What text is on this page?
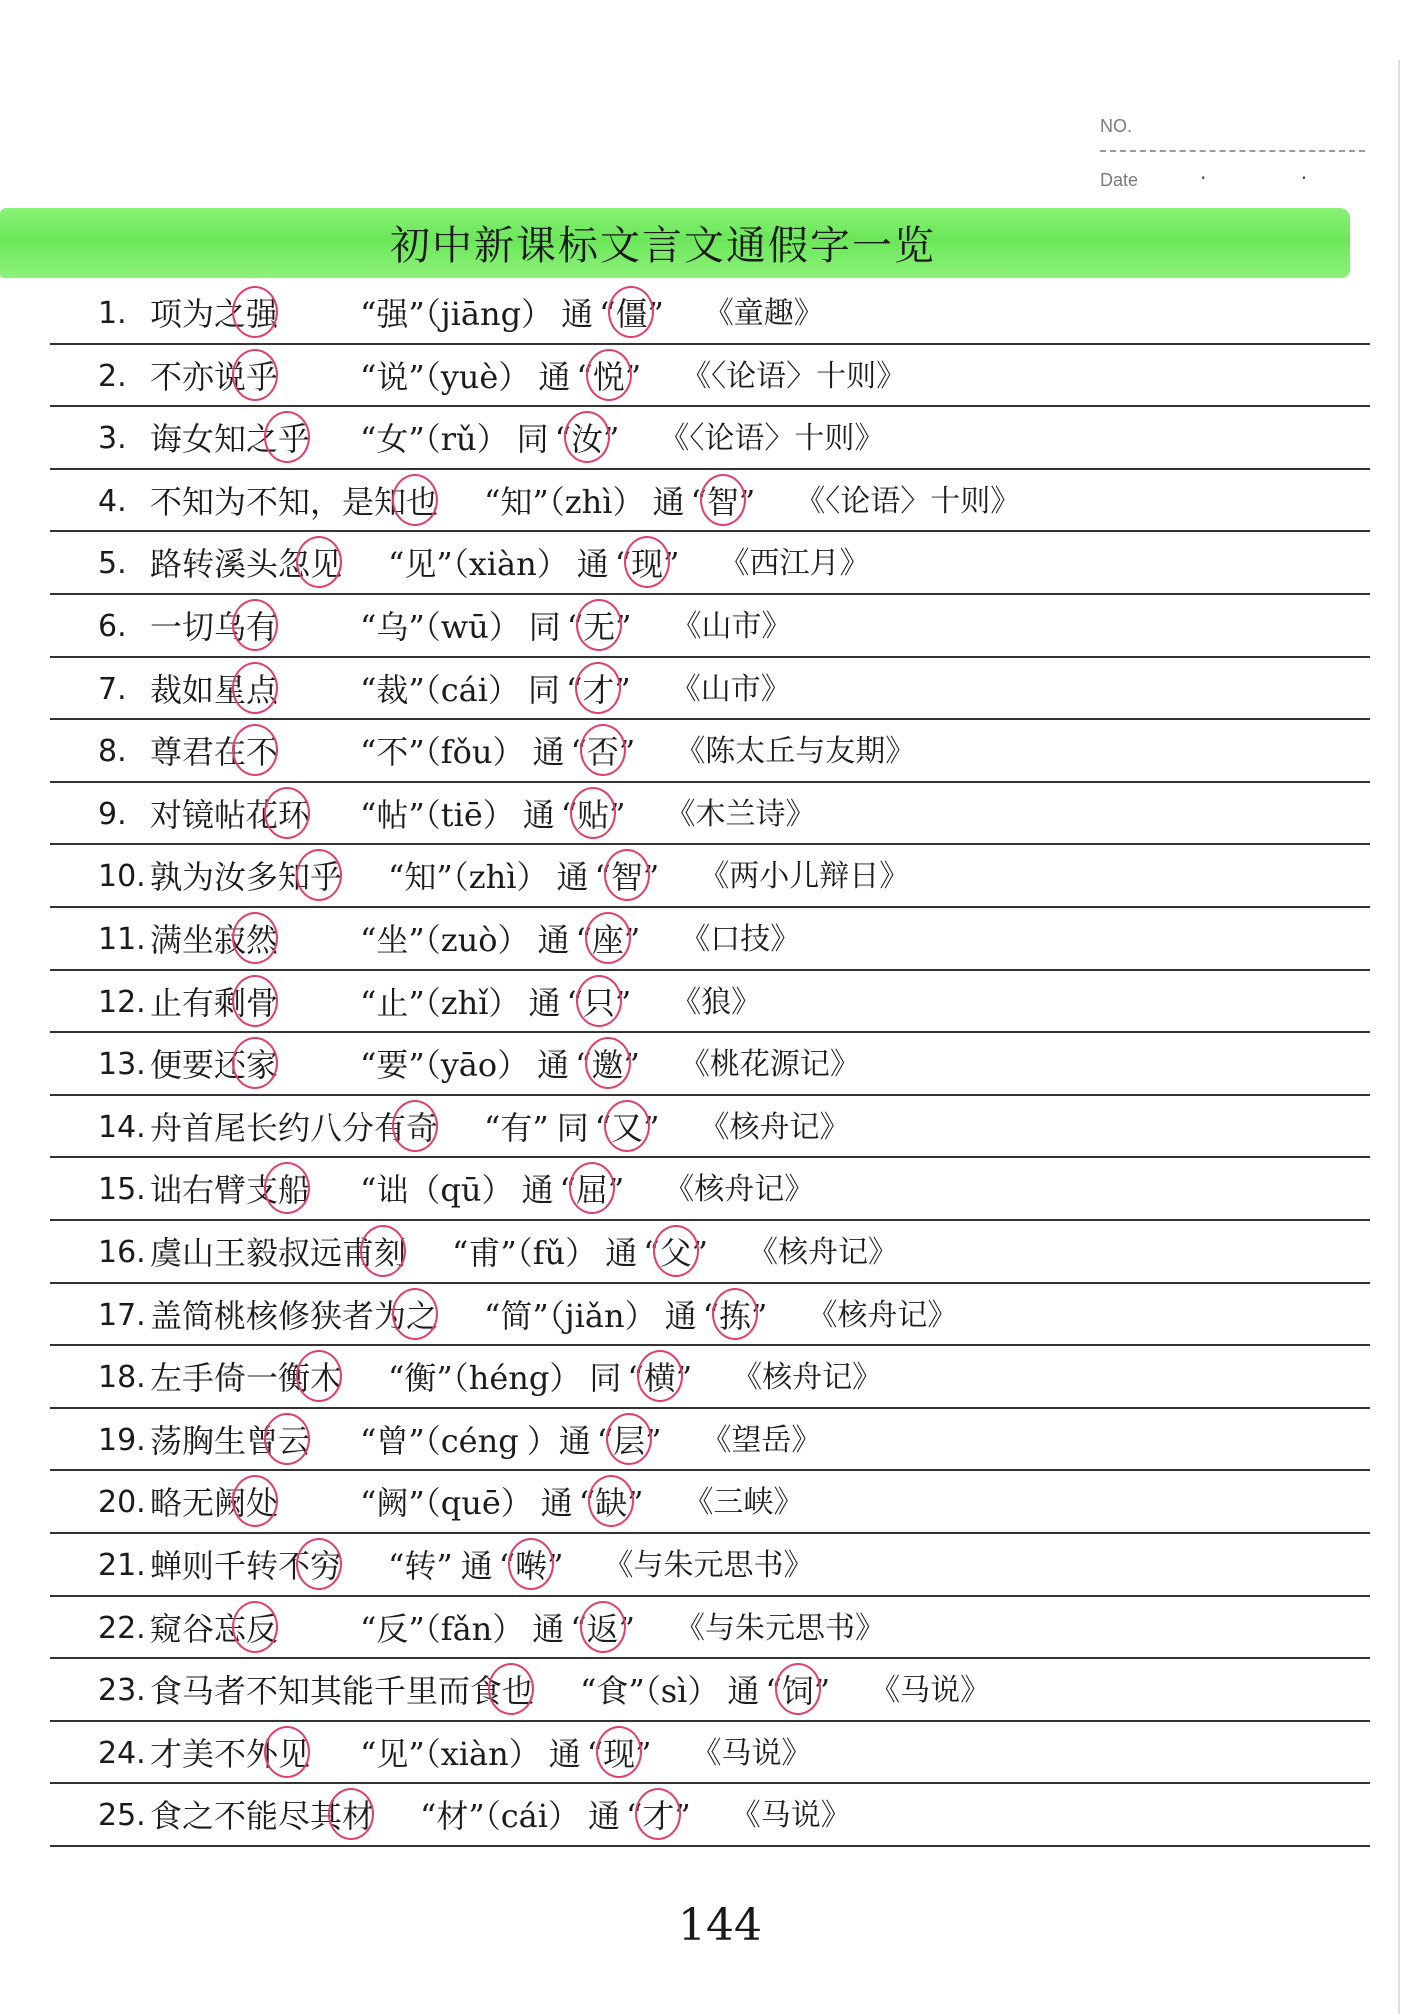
NO.
Date	· ·
初中新课标文言文通假字一览
1. 项为之强	“强”（jiāng） 通 “僵” 《童趣》
2. 不亦说乎	“说”（yuè） 通 “悦” 《〈论语〉十则》
3. 诲女知之乎 “女”（rǔ） 同 “汝” 《〈论语〉十则》
4. 不知为不知，是知也 “知”（zhì） 通 “智” 《〈论语〉十则》
5. 路转溪头忽见 “见”（xiàn） 通 “现” 《西江月》
6. 一切乌有	“乌”（wū） 同 “无” 《山市》
7. 裁如星点	“裁”（cái） 同 “才” 《山市》
8. 尊君在不	“不”（fǒu） 通 “否” 《陈太丘与友期》
9. 对镜帖花环 “帖”（tiē） 通 “贴” 《木兰诗》
10. 孰为汝多知乎 “知”（zhì） 通 “智” 《两小儿辩日》
11. 满坐寂然	“坐”（zuò） 通 “座” 《口技》
12. 止有剩骨	“止”（zhǐ） 通 “只” 《狼》
13. 便要还家	“要”（yāo） 通 “邀” 《桃花源记》
14. 舟首尾长约八分有奇 “有” 同 “又” 《核舟记》
15. 诎右臂支船 “诎（qū） 通 “屈” 《核舟记》
16. 虞山王毅叔远甫刻 “甫”（fǔ） 通 “父” 《核舟记》
17. 盖简桃核修狭者为之 “简”（jiǎn） 通 “拣” 《核舟记》
18. 左手倚一衡木 “衡”（héng） 同 “横” 《核舟记》
19. 荡胸生曾云 “曾”（céng ）通 “层” 《望岳》
20. 略无阙处	“阙”（quē） 通 “缺” 《三峡》
21. 蝉则千转不穷 “转” 通 “啭” 《与朱元思书》
22. 窥谷忘反	“反”（fǎn） 通 “返” 《与朱元思书》
23. 食马者不知其能千里而食也 “食”（sì） 通 “饲” 《马说》
24. 才美不外见 “见”（xiàn） 通 “现” 《马说》
25. 食之不能尽其材 “材”（cái） 通 “才” 《马说》
144
